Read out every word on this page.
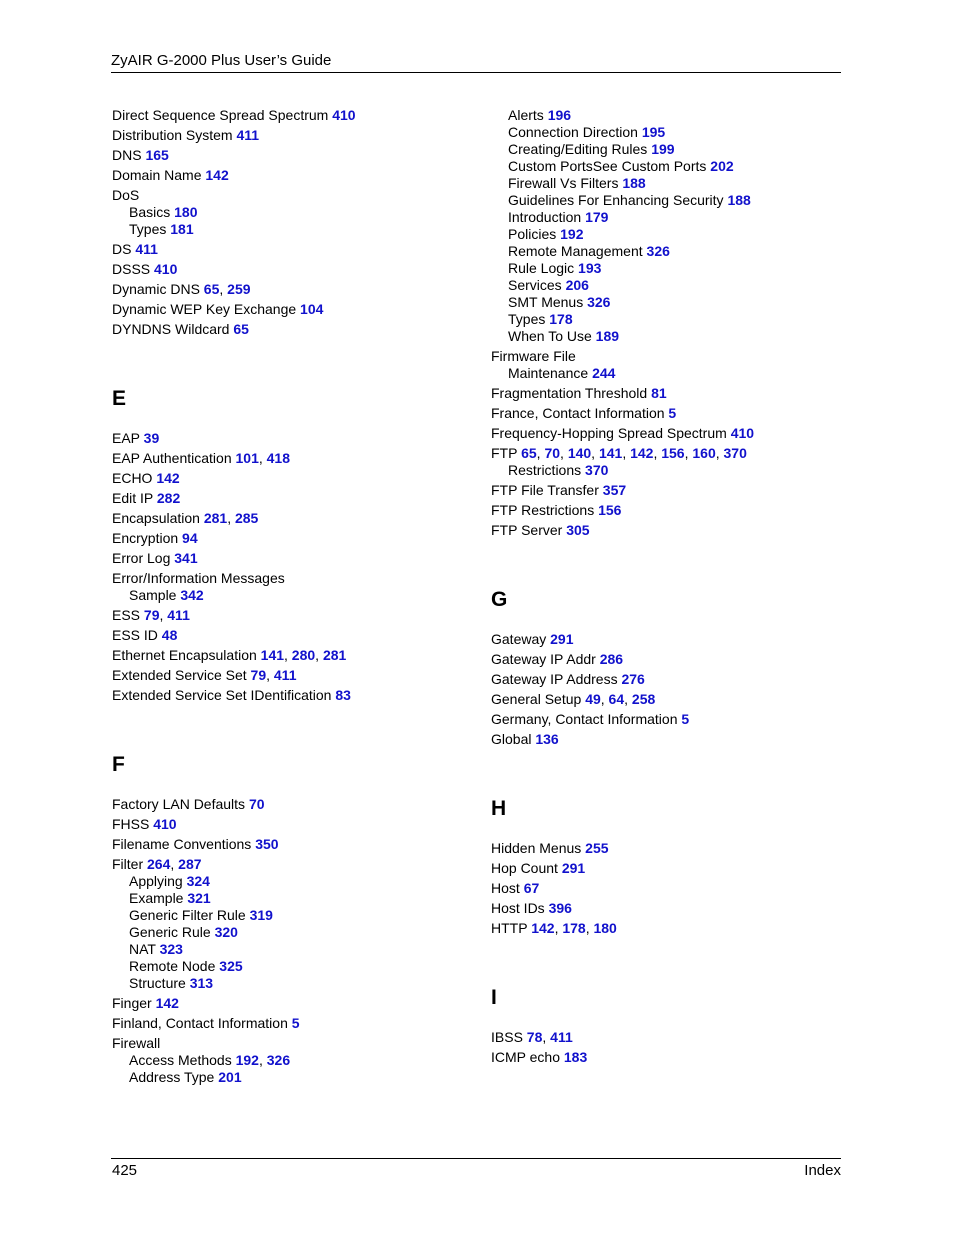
ZyAIR G-2000 Plus User’s Guide
Direct Sequence Spread Spectrum 410
Distribution System 411
DNS 165
Domain Name 142
DoS
Basics 180
Types 181
DS 411
DSSS 410
Dynamic DNS 65, 259
Dynamic WEP Key Exchange 104
DYNDNS Wildcard 65
E
EAP 39
EAP Authentication 101, 418
ECHO 142
Edit IP 282
Encapsulation 281, 285
Encryption 94
Error Log 341
Error/Information Messages
Sample 342
ESS 79, 411
ESS ID 48
Ethernet Encapsulation 141, 280, 281
Extended Service Set 79, 411
Extended Service Set IDentification 83
F
Factory LAN Defaults 70
FHSS 410
Filename Conventions 350
Filter 264, 287
Applying 324
Example 321
Generic Filter Rule 319
Generic Rule 320
NAT 323
Remote Node 325
Structure 313
Finger 142
Finland, Contact Information 5
Firewall
Access Methods 192, 326
Address Type 201
Alerts 196
Connection Direction 195
Creating/Editing Rules 199
Custom PortsSee Custom Ports 202
Firewall Vs Filters 188
Guidelines For Enhancing Security 188
Introduction 179
Policies 192
Remote Management 326
Rule Logic 193
Services 206
SMT Menus 326
Types 178
When To Use 189
Firmware File
Maintenance 244
Fragmentation Threshold 81
France, Contact Information 5
Frequency-Hopping Spread Spectrum 410
FTP 65, 70, 140, 141, 142, 156, 160, 370
Restrictions 370
FTP File Transfer 357
FTP Restrictions 156
FTP Server 305
G
Gateway 291
Gateway IP Addr 286
Gateway IP Address 276
General Setup 49, 64, 258
Germany, Contact Information 5
Global 136
H
Hidden Menus 255
Hop Count 291
Host 67
Host IDs 396
HTTP 142, 178, 180
I
IBSS 78, 411
ICMP echo 183
425	Index
